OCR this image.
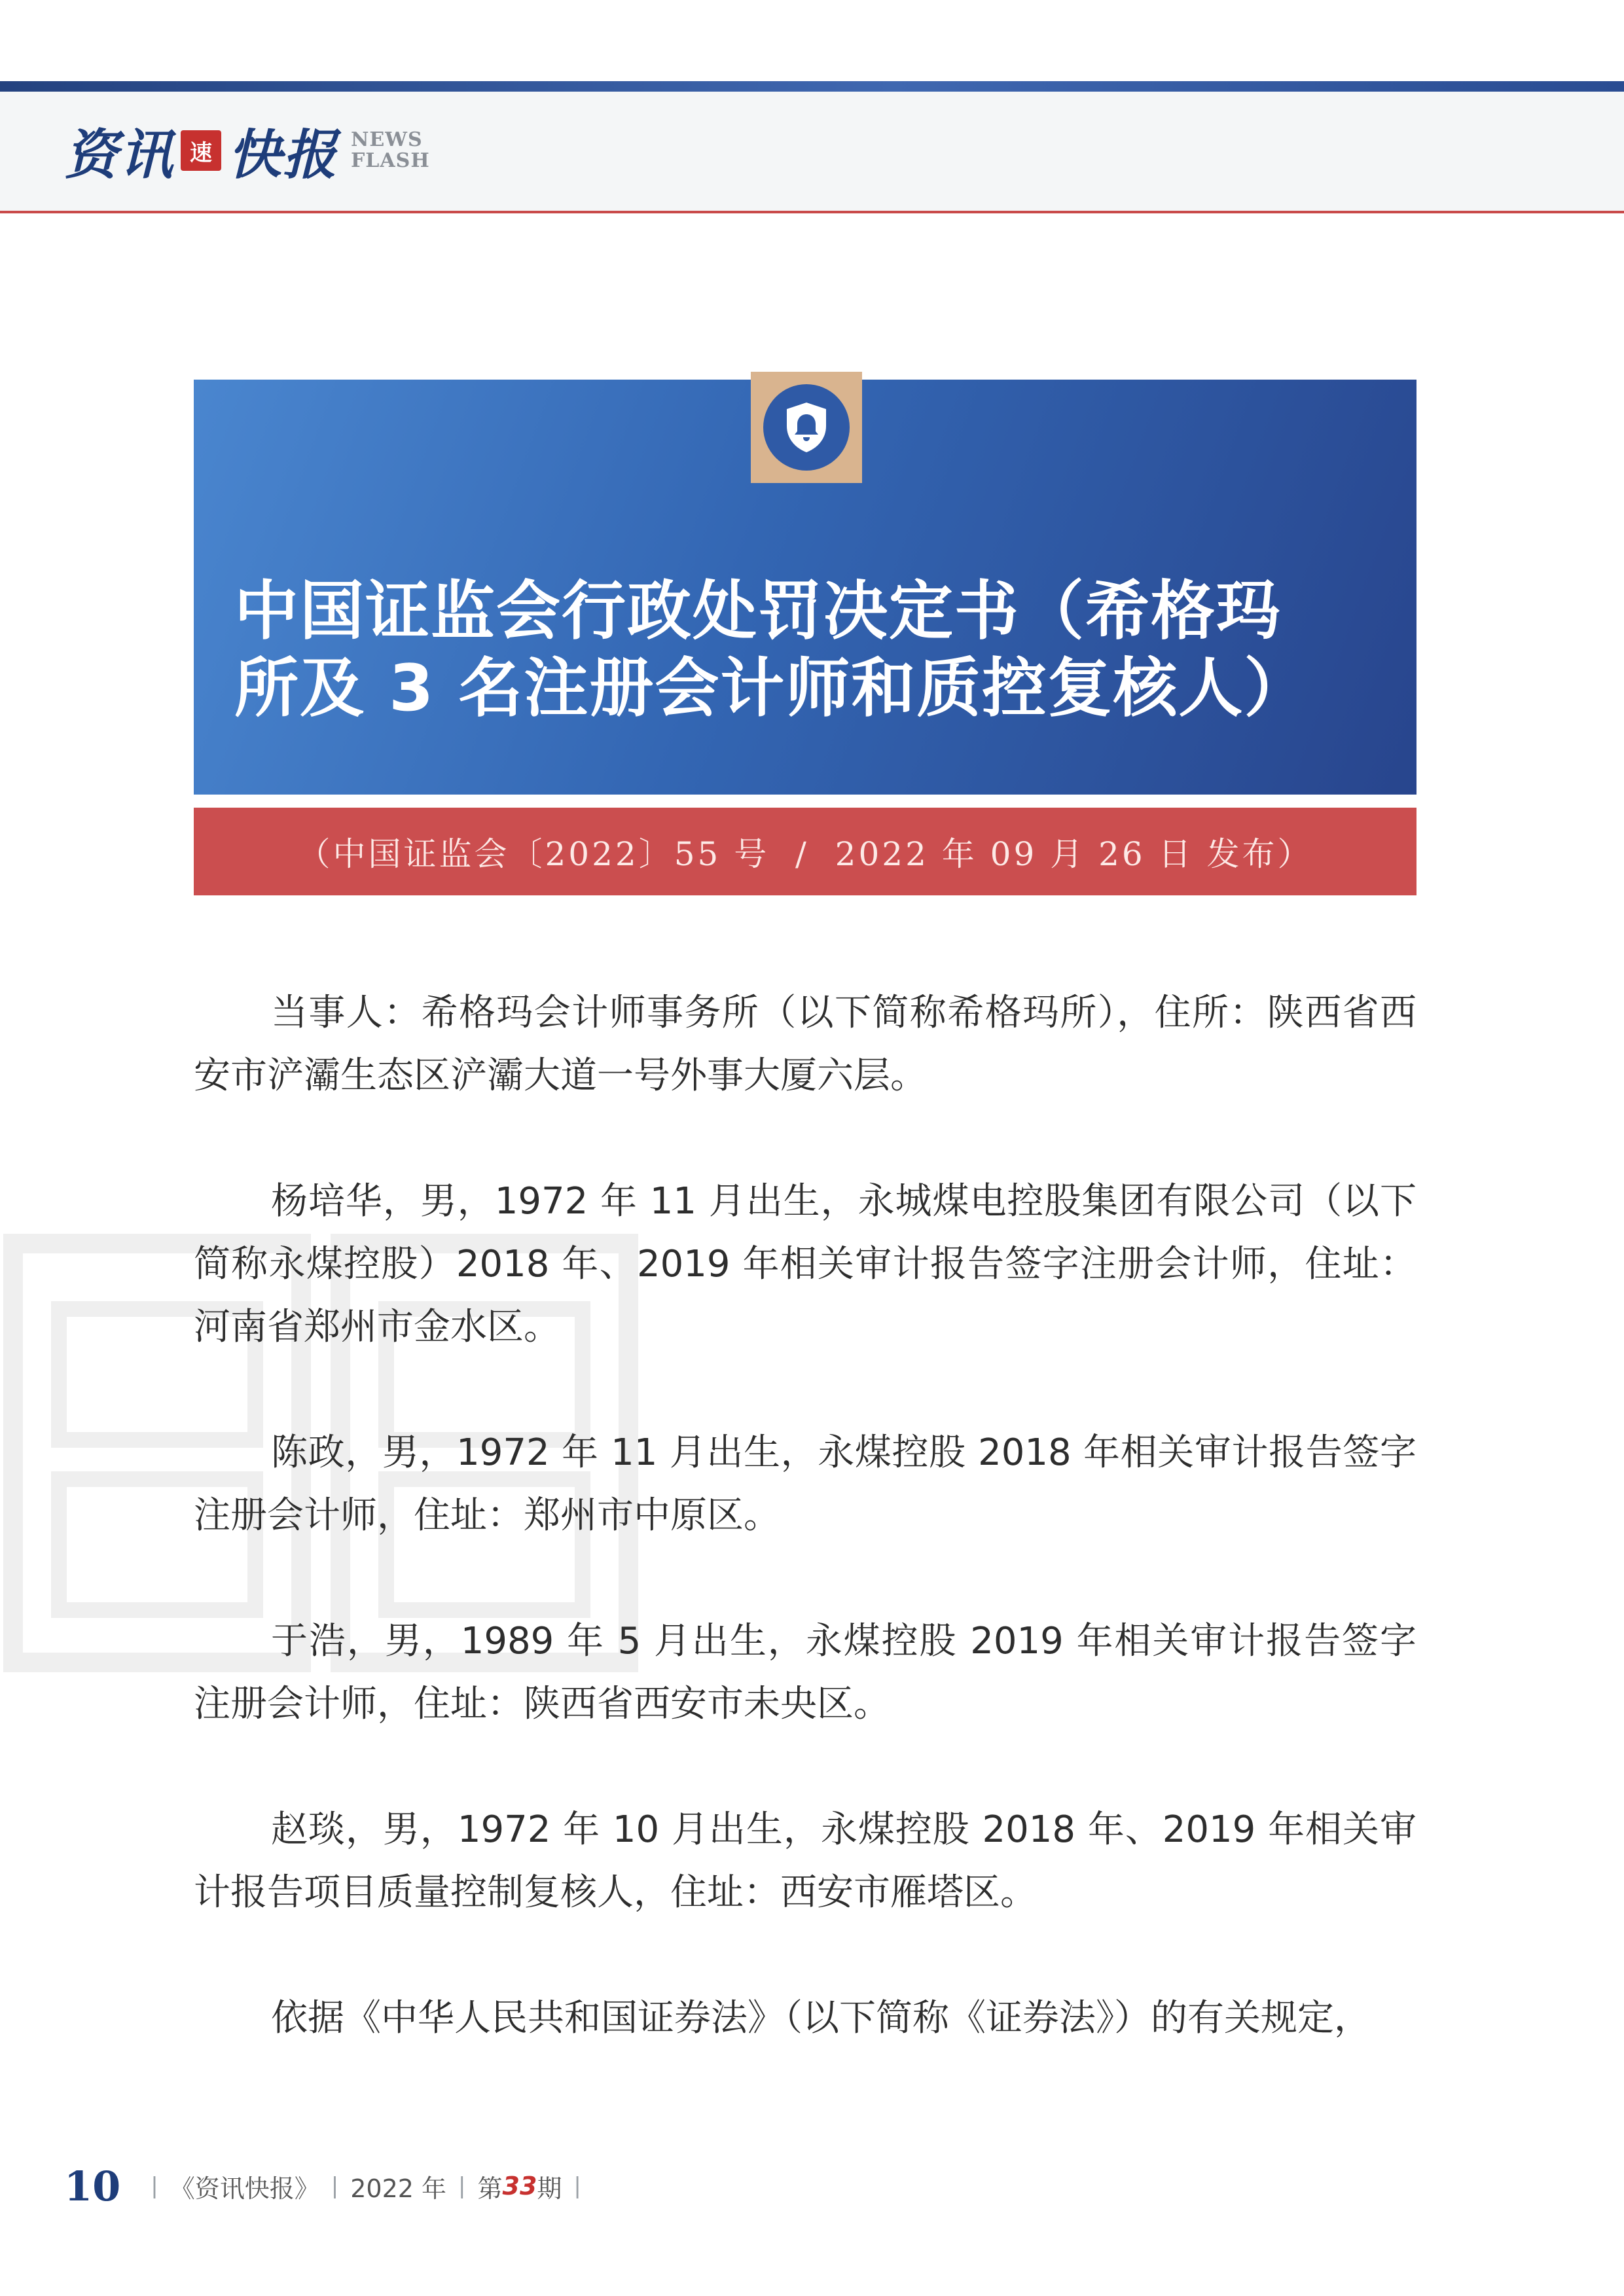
资讯 速 快报 NEWS
FLASH
中国证监会行政处罚决定书（希格玛
所及 3 名注册会计师和质控复核人）
（中国证监会〔2022〕55 号  /  2022 年 09 月 26 日 发布）

当事人：希格玛会计师事务所（以下简称希格玛所），住所：陕西省西安市浐灞生态区浐灞大道一号外事大厦六层。

杨培华，男，1972 年 11 月出生，永城煤电控股集团有限公司（以下简称永煤控股）2018 年、2019 年相关审计报告签字注册会计师，住址：河南省郑州市金水区。

陈政，男，1972 年 11 月出生，永煤控股 2018 年相关审计报告签字注册会计师，住址：郑州市中原区。

于浩，男，1989 年 5 月出生，永煤控股 2019 年相关审计报告签字注册会计师，住址：陕西省西安市未央区。

赵琰，男，1972 年 10 月出生，永煤控股 2018 年、2019 年相关审计报告项目质量控制复核人，住址：西安市雁塔区。

依据《中华人民共和国证券法》（以下简称《证券法》）的有关规定，

10 | 《资讯快报》 | 2022 年 | 第 33 期 |
